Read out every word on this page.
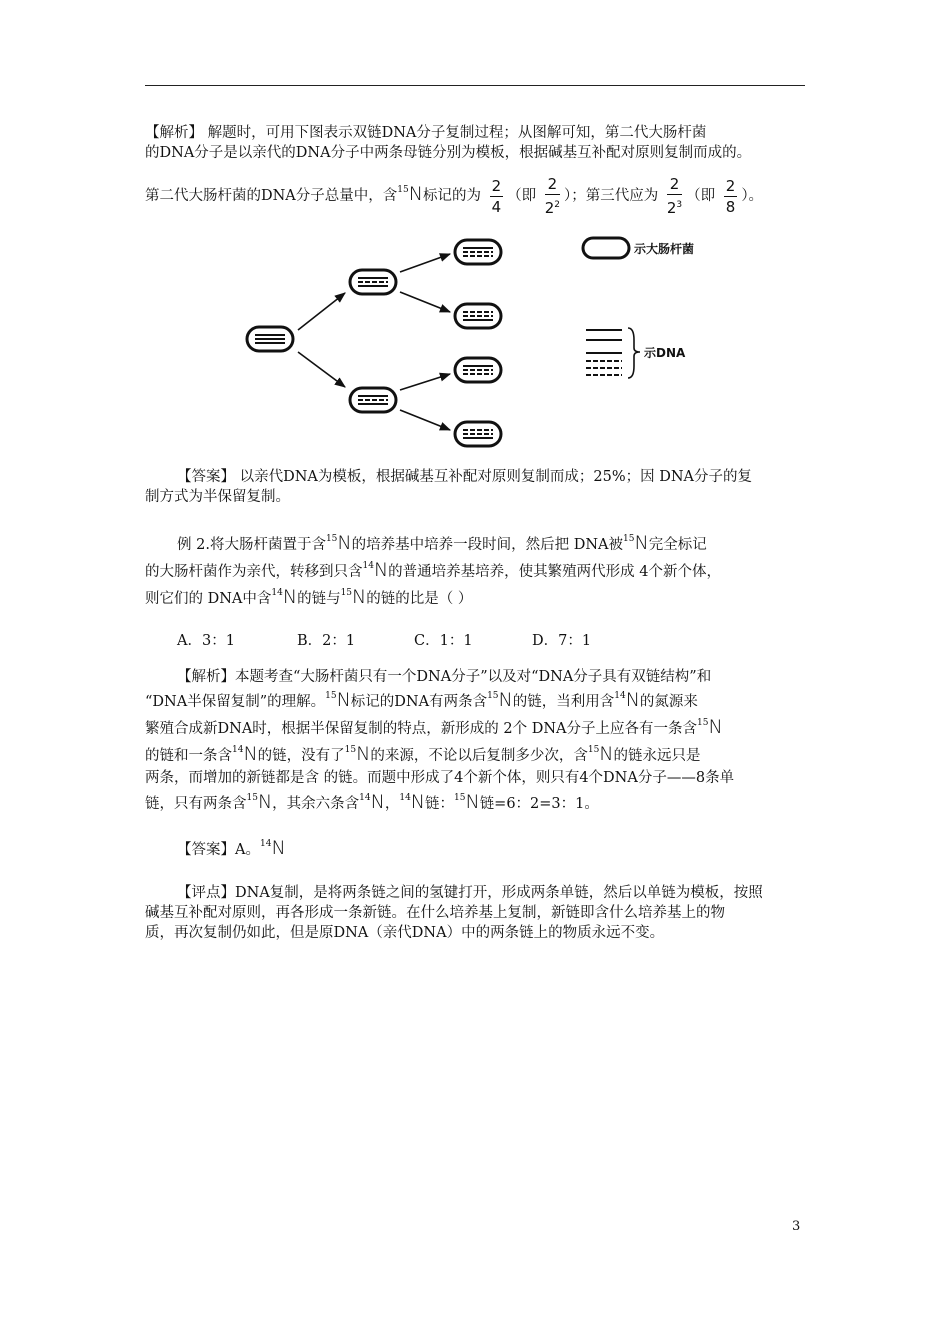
【解析】 解题时，可用下图表示双链DNA分子复制过程；从图解可知，第二代大肠杆菌
的DNA分子是以亲代的DNA分子中两条母链分别为模板，根据碱基互补配对原则复制而成的。
第二代大肠杆菌的DNA分子总量中，含$^{15}$N标记的为 $\frac{2}{4}$ （即 $\frac{2}{2^2}$ ）；第三代应为 $\frac{2}{2^3}$ （即 $\frac{2}{8}$ ）。
示大肠杆菌
示DNA
【答案】 以亲代DNA为模板，根据碱基互补配对原则复制而成；25%；因 DNA分子的复
制方式为半保留复制。
例 2.将大肠杆菌置于含$^{15}$N的培养基中培养一段时间，然后把 DNA被$^{15}$N完全标记
的大肠杆菌作为亲代，转移到只含$^{14}$N的普通培养基培养，使其繁殖两代形成 4个新个体，
则它们的 DNA中含$^{14}$N的链与$^{15}$N的链的比是（ ）
A．3：1	B．2：1	C．1：1	D．7：1
【解析】本题考查“大肠杆菌只有一个DNA分子”以及对“DNA分子具有双链结构”和
“DNA半保留复制”的理解。$^{15}$N标记的DNA有两条含$^{15}$N的链，当利用含$^{14}$N的氮源来
繁殖合成新DNA时，根据半保留复制的特点，新形成的 2个 DNA分子上应各有一条含$^{15}$N
的链和一条含$^{14}$N的链，没有了$^{15}$N的来源，不论以后复制多少次，含$^{15}$N的链永远只是
两条，而增加的新链都是含 的链。而题中形成了4个新个体，则只有4个DNA分子——8条单
链，只有两条含$^{15}$N，其余六条含$^{14}$N，$^{14}$N链：$^{15}$N链=6：2=3：1。
【答案】A。$^{14}$N
【评点】DNA复制，是将两条链之间的氢键打开，形成两条单链，然后以单链为模板，按照
碱基互补配对原则，再各形成一条新链。在什么培养基上复制，新链即含什么培养基上的物
质，再次复制仍如此，但是原DNA（亲代DNA）中的两条链上的物质永远不变。
3
